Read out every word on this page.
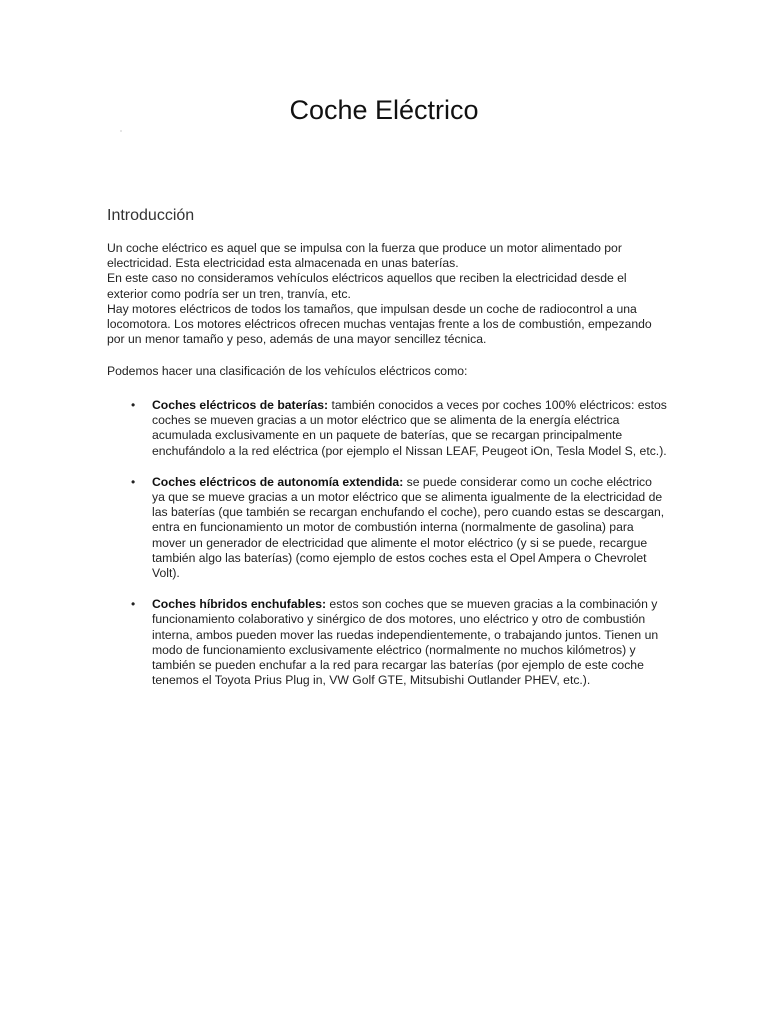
Coche Eléctrico
Introducción

Un coche eléctrico es aquel que se impulsa con la fuerza que produce un motor alimentado por electricidad. Esta electricidad esta almacenada en unas baterías.

En este caso no consideramos vehículos eléctricos aquellos que reciben la electricidad desde el exterior como podría ser un tren, tranvía, etc.

Hay motores eléctricos de todos los tamaños, que impulsan desde un coche de radiocontrol a una locomotora. Los motores eléctricos ofrecen muchas ventajas frente a los de combustión, empezando por un menor tamaño y peso, además de una mayor sencillez técnica.

Podemos hacer una clasificación de los vehículos eléctricos como:

• Coches eléctricos de baterías: también conocidos a veces por coches 100% eléctricos: estos coches se mueven gracias a un motor eléctrico que se alimenta de la energía eléctrica acumulada exclusivamente en un paquete de baterías, que se recargan principalmente enchufándolo a la red eléctrica (por ejemplo el Nissan LEAF, Peugeot iOn, Tesla Model S, etc.).
• Coches eléctricos de autonomía extendida: se puede considerar como un coche eléctrico ya que se mueve gracias a un motor eléctrico que se alimenta igualmente de la electricidad de las baterías (que también se recargan enchufando el coche), pero cuando estas se descargan, entra en funcionamiento un motor de combustión interna (normalmente de gasolina) para mover un generador de electricidad que alimente el motor eléctrico (y si se puede, recargue también algo las baterías) (como ejemplo de estos coches esta el Opel Ampera o Chevrolet Volt).
• Coches híbridos enchufables: estos son coches que se mueven gracias a la combinación y funcionamiento colaborativo y sinérgico de dos motores, uno eléctrico y otro de combustión interna, ambos pueden mover las ruedas independientemente, o trabajando juntos. Tienen un modo de funcionamiento exclusivamente eléctrico (normalmente no muchos kilómetros) y también se pueden enchufar a la red para recargar las baterías (por ejemplo de este coche tenemos el Toyota Prius Plug in, VW Golf GTE, Mitsubishi Outlander PHEV, etc.).
